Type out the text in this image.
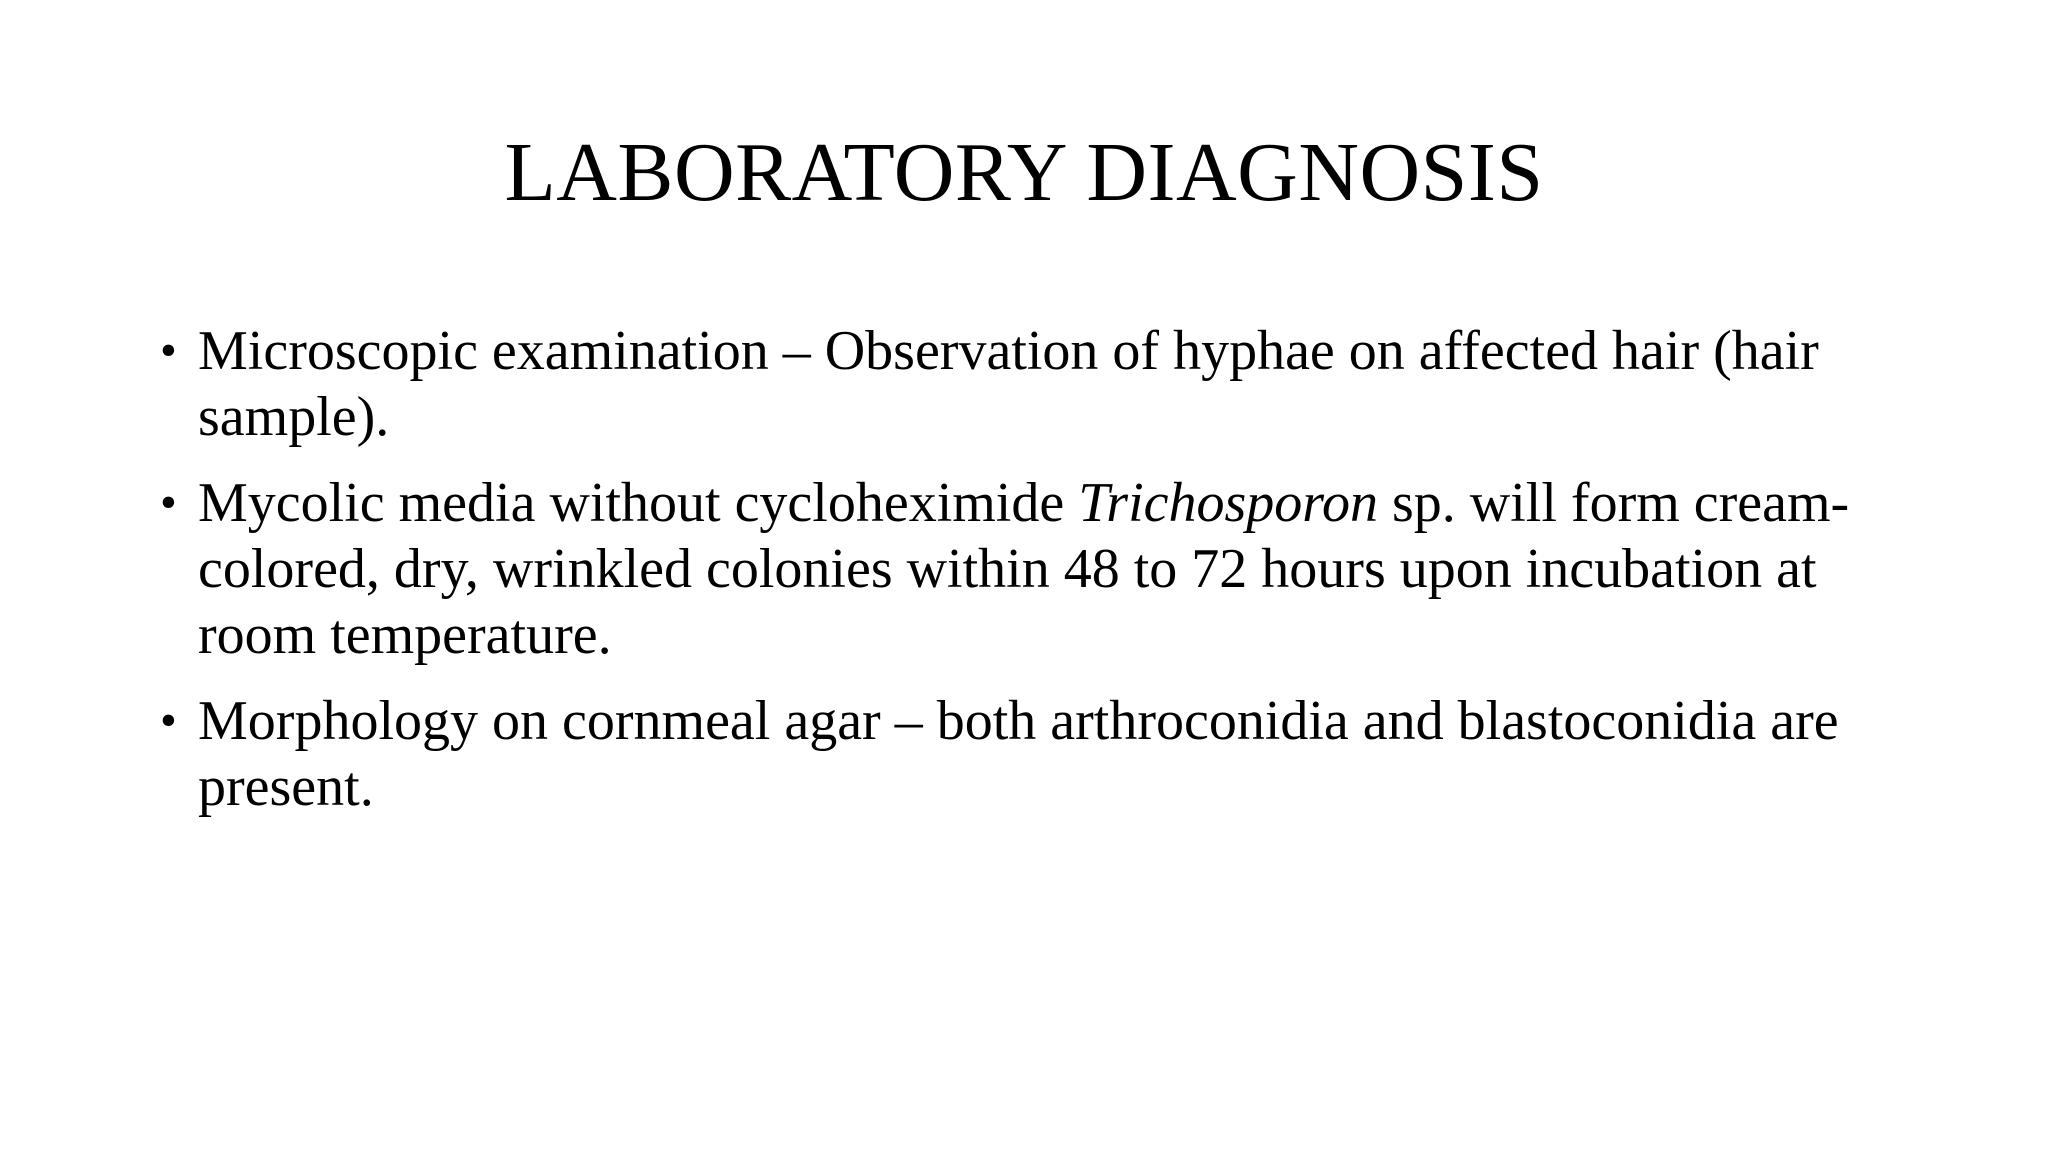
LABORATORY DIAGNOSIS
• Microscopic examination – Observation of hyphae on affected hair (hair sample).
• Mycolic media without cycloheximide Trichosporon sp. will form cream-colored, dry, wrinkled colonies within 48 to 72 hours upon incubation at room temperature.
• Morphology on cornmeal agar – both arthroconidia and blastoconidia are present.
